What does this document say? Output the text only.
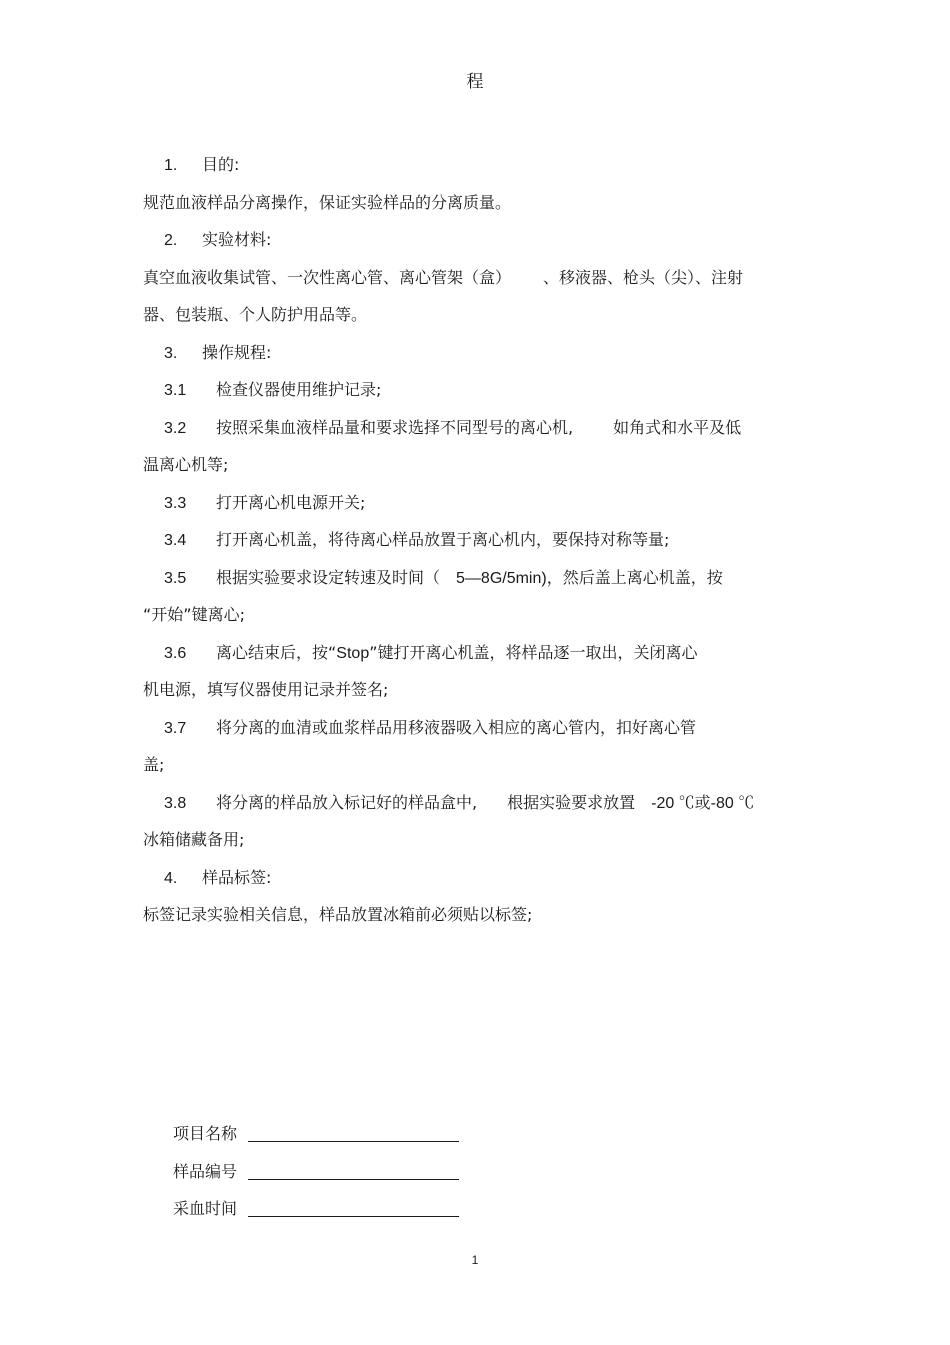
程
1. 目的:
规范血液样品分离操作，保证实验样品的分离质量。
2. 实验材料:
真空血液收集试管、一次性离心管、离心管架（盒） 、移液器、枪头（尖）、注射
器、包装瓶、个人防护用品等。
3. 操作规程:
3.1 检查仪器使用维护记录;
3.2 按照采集血液样品量和要求选择不同型号的离心机,	如角式和水平及低
温离心机等;
3.3 打开离心机电源开关;
3.4 打开离心机盖，将待离心样品放置于离心机内，要保持对称等量;
3.5 根据实验要求设定转速及时间（ 5—8G/5min)，然后盖上离心机盖，按
“开始”键离心;
3.6 离心结束后，按“Stop”键打开离心机盖，将样品逐一取出，关闭离心
机电源，填写仪器使用记录并签名;
3.7 将分离的血清或血浆样品用移液器吸入相应的离心管内，扣好离心管
盖;
3.8 将分离的样品放入标记好的样品盒中, 根据实验要求放置 -20 ℃或-80 ℃
冰箱储藏备用;
4. 样品标签:
标签记录实验相关信息，样品放置冰箱前必须贴以标签;
项目名称
样品编号
采血时间
1
